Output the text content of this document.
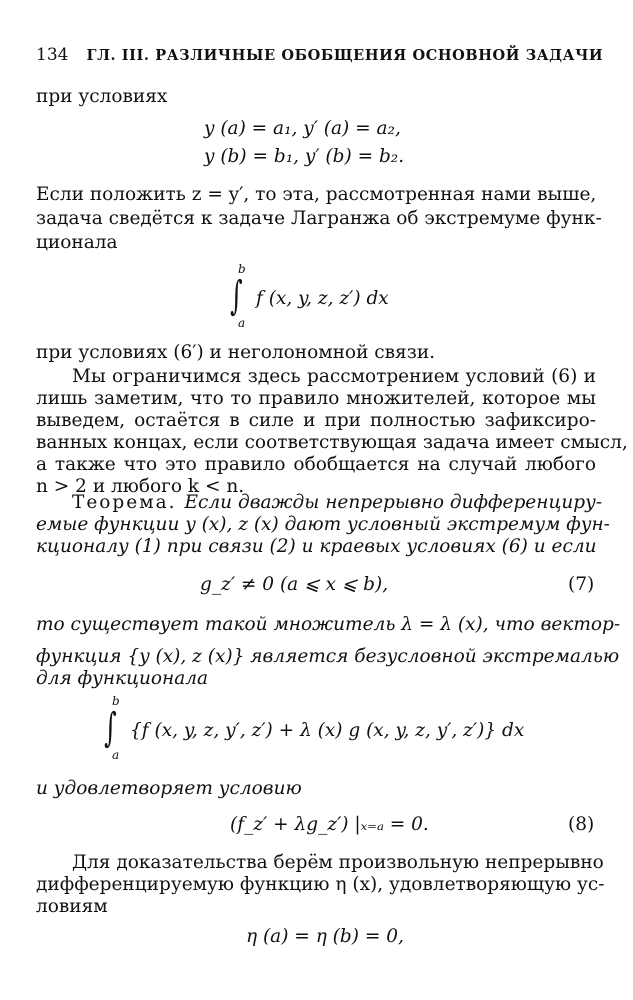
134 ГЛ. III. РАЗЛИЧНЫЕ ОБОБЩЕНИЯ ОСНОВНОЙ ЗАДАЧИ
при условиях
y (a) = a₁, y′ (a) = a₂,
y (b) = b₁, y′ (b) = b₂.
Если положить z = y′, то эта, рассмотренная нами выше,
задача сведётся к задаче Лагранжа об экстремуме функ-
ционала
b
∫
a
f (x, y, z, z′) dx
при условиях (6′) и неголономной связи.
Мы ограничимся здесь рассмотрением условий (6) и
лишь заметим, что то правило множителей, которое мы
выведем, остаётся в силе и при полностью зафиксиро-
ванных концах, если соответствующая задача имеет смысл,
а также что это правило обобщается на случай любого
n > 2 и любого k < n.
Теорема. Если дважды непрерывно дифференциру-
емые функции y (x), z (x) дают условный экстремум фун-
кционалу (1) при связи (2) и краевых условиях (6) и если
g_z′ ≠ 0 (a ⩽ x ⩽ b),	(7)
то существует такой множитель λ = λ (x), что вектор-
функция {y (x), z (x)} является безусловной экстремалью
для функционала
b
∫
a
{f (x, y, z, y′, z′) + λ (x) g (x, y, z, y′, z′)} dx
и удовлетворяет условию
(f_z′ + λg_z′) |ₓ₌ₐ = 0.	(8)
Для доказательства берём произвольную непрерывно
дифференцируемую функцию η (x), удовлетворяющую ус-
ловиям
η (a) = η (b) = 0,
